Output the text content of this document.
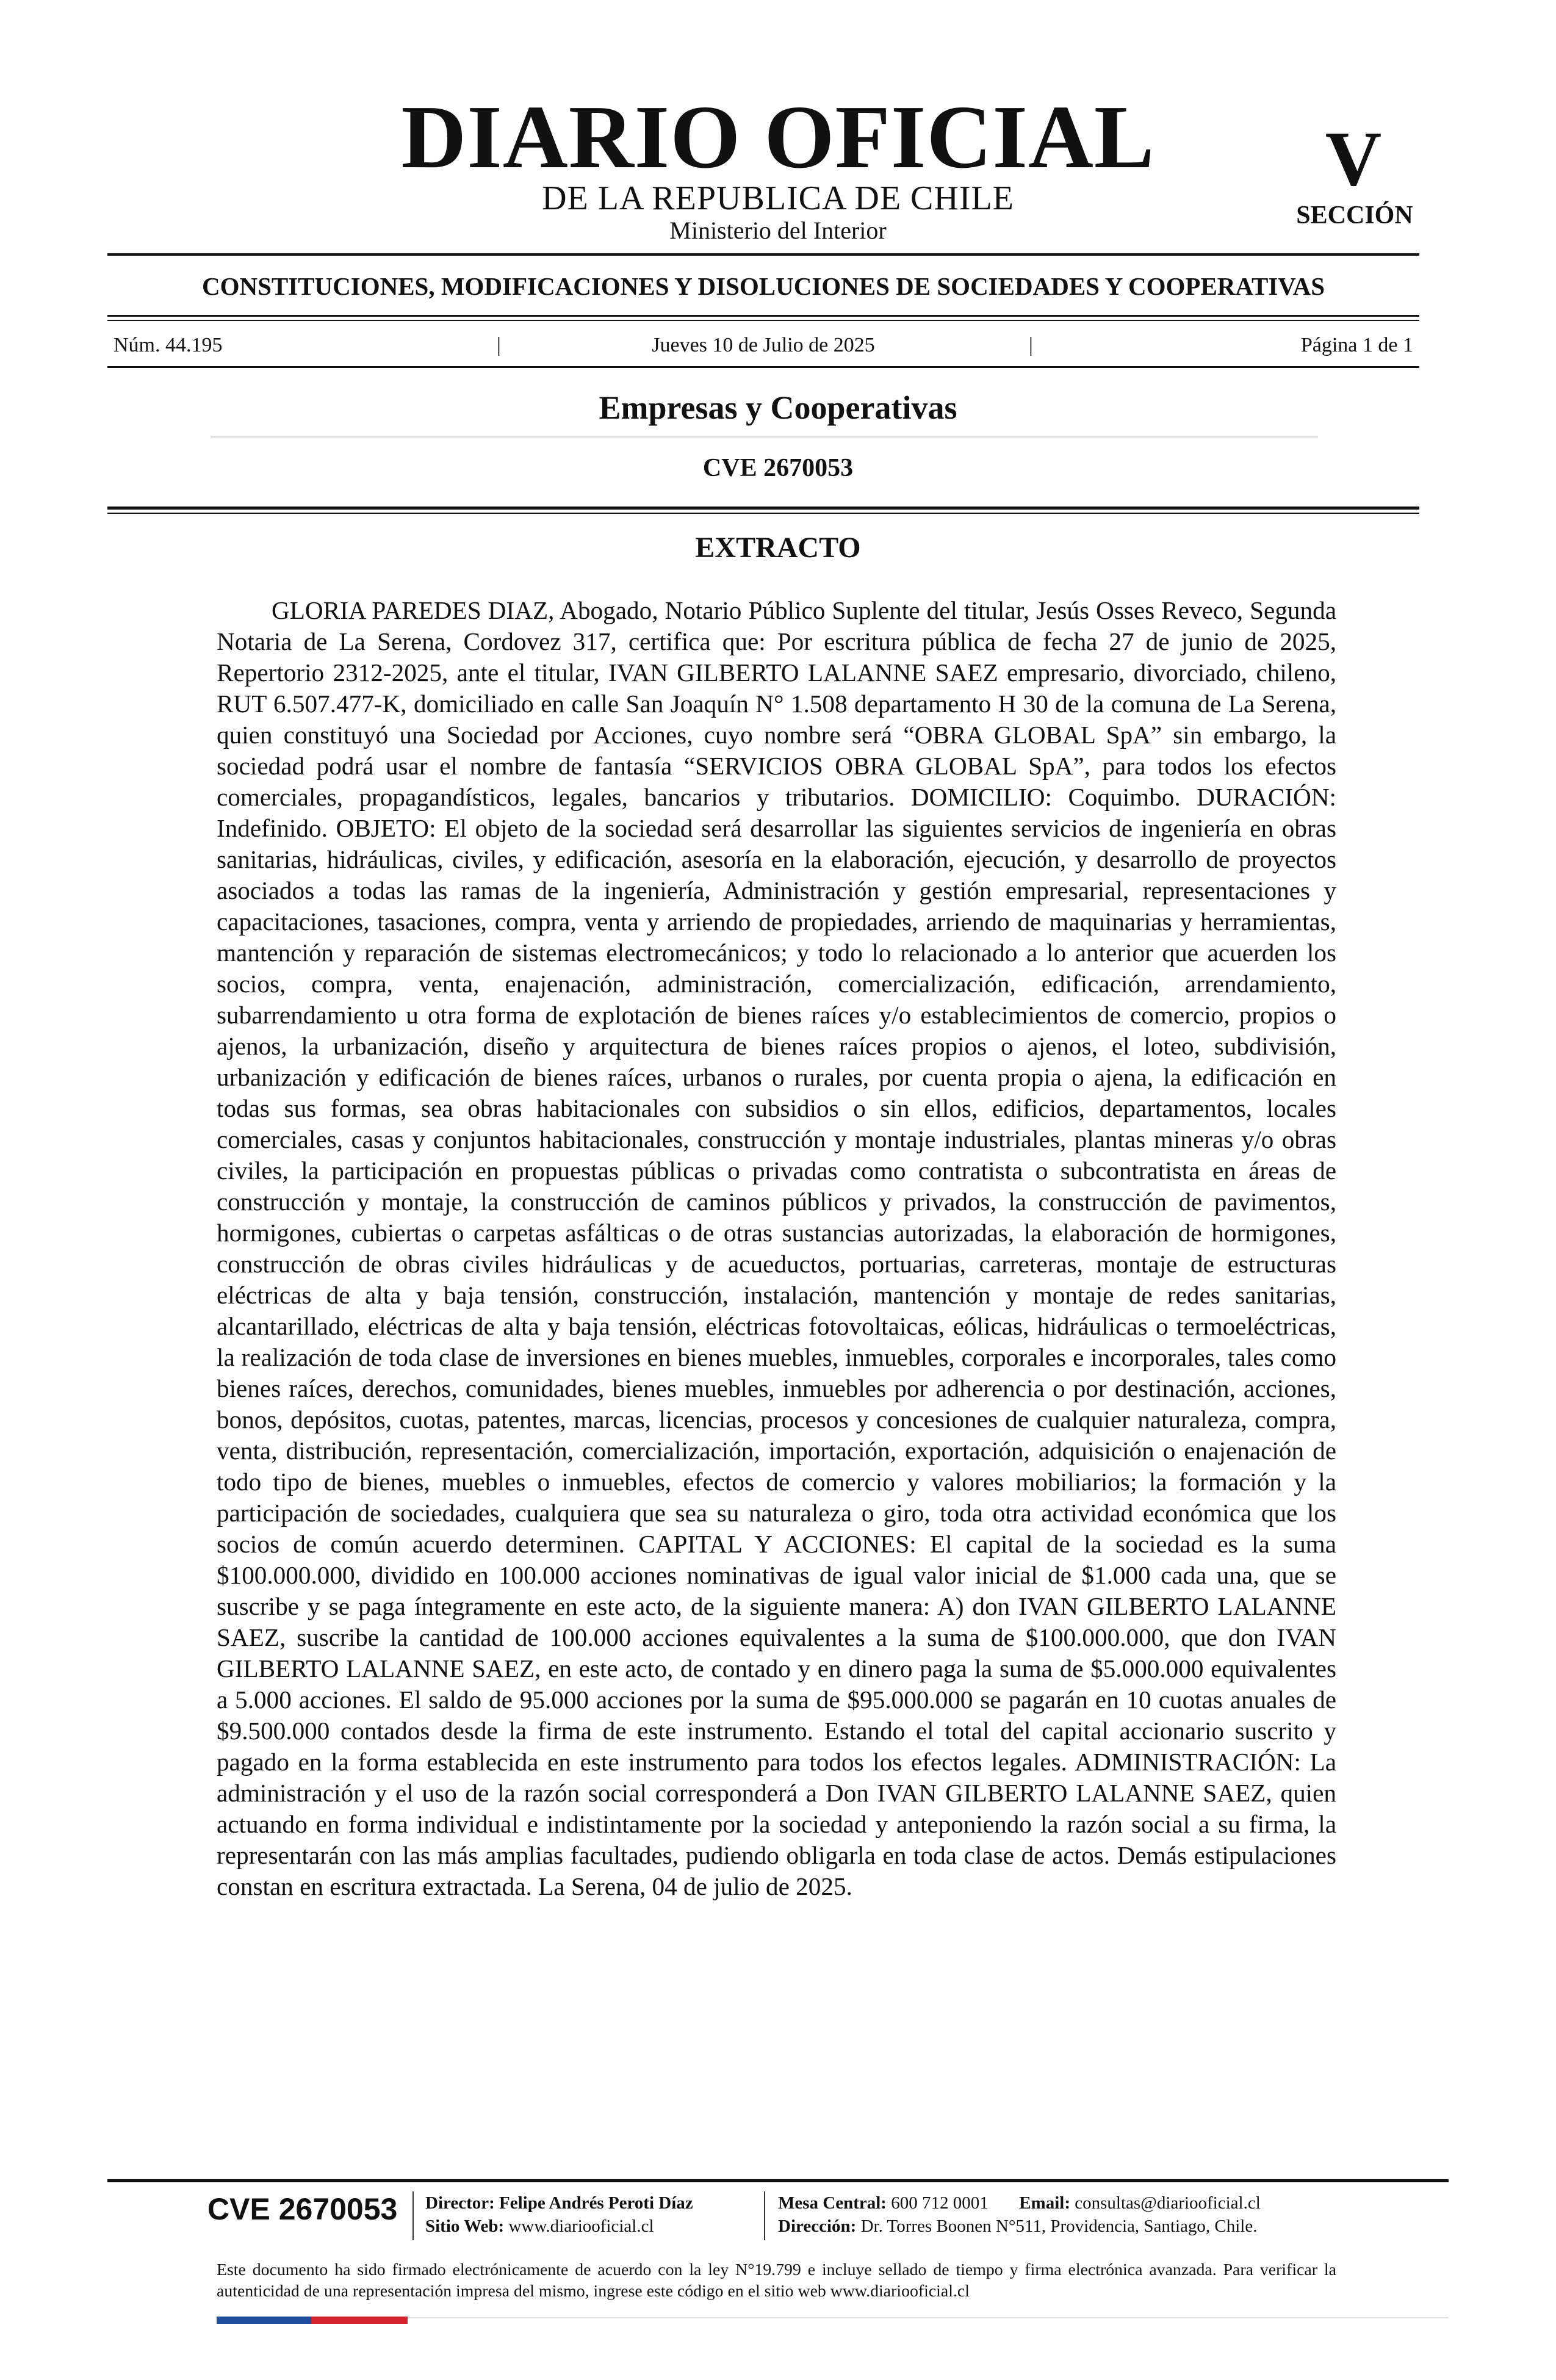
DIARIO OFICIAL
DE LA REPUBLICA DE CHILE
Ministerio del Interior
V
SECCIÓN
CONSTITUCIONES, MODIFICACIONES Y DISOLUCIONES DE SOCIEDADES Y COOPERATIVAS
Núm. 44.195	|	Jueves 10 de Julio de 2025	|	Página 1 de 1
Empresas y Cooperativas
CVE 2670053
EXTRACTO
GLORIA PAREDES DIAZ, Abogado, Notario Público Suplente del titular, Jesús Osses Reveco, Segunda Notaria de La Serena, Cordovez 317, certifica que: Por escritura pública de fecha 27 de junio de 2025, Repertorio 2312-2025, ante el titular, IVAN GILBERTO LALANNE SAEZ empresario, divorciado, chileno, RUT 6.507.477-K, domiciliado en calle San Joaquín N° 1.508 departamento H 30 de la comuna de La Serena, quien constituyó una Sociedad por Acciones, cuyo nombre será “OBRA GLOBAL SpA” sin embargo, la sociedad podrá usar el nombre de fantasía “SERVICIOS OBRA GLOBAL SpA”, para todos los efectos comerciales, propagandísticos, legales, bancarios y tributarios. DOMICILIO: Coquimbo. DURACIÓN: Indefinido. OBJETO: El objeto de la sociedad será desarrollar las siguientes servicios de ingeniería en obras sanitarias, hidráulicas, civiles, y edificación, asesoría en la elaboración, ejecución, y desarrollo de proyectos asociados a todas las ramas de la ingeniería, Administración y gestión empresarial, representaciones y capacitaciones, tasaciones, compra, venta y arriendo de propiedades, arriendo de maquinarias y herramientas, mantención y reparación de sistemas electromecánicos; y todo lo relacionado a lo anterior que acuerden los socios, compra, venta, enajenación, administración, comercialización, edificación, arrendamiento, subarrendamiento u otra forma de explotación de bienes raíces y/o establecimientos de comercio, propios o ajenos, la urbanización, diseño y arquitectura de bienes raíces propios o ajenos, el loteo, subdivisión, urbanización y edificación de bienes raíces, urbanos o rurales, por cuenta propia o ajena, la edificación en todas sus formas, sea obras habitacionales con subsidios o sin ellos, edificios, departamentos, locales comerciales, casas y conjuntos habitacionales, construcción y montaje industriales, plantas mineras y/o obras civiles, la participación en propuestas públicas o privadas como contratista o subcontratista en áreas de construcción y montaje, la construcción de caminos públicos y privados, la construcción de pavimentos, hormigones, cubiertas o carpetas asfálticas o de otras sustancias autorizadas, la elaboración de hormigones, construcción de obras civiles hidráulicas y de acueductos, portuarias, carreteras, montaje de estructuras eléctricas de alta y baja tensión, construcción, instalación, mantención y montaje de redes sanitarias, alcantarillado, eléctricas de alta y baja tensión, eléctricas fotovoltaicas, eólicas, hidráulicas o termoeléctricas, la realización de toda clase de inversiones en bienes muebles, inmuebles, corporales e incorporales, tales como bienes raíces, derechos, comunidades, bienes muebles, inmuebles por adherencia o por destinación, acciones, bonos, depósitos, cuotas, patentes, marcas, licencias, procesos y concesiones de cualquier naturaleza, compra, venta, distribución, representación, comercialización, importación, exportación, adquisición o enajenación de todo tipo de bienes, muebles o inmuebles, efectos de comercio y valores mobiliarios; la formación y la participación de sociedades, cualquiera que sea su naturaleza o giro, toda otra actividad económica que los socios de común acuerdo determinen. CAPITAL Y ACCIONES: El capital de la sociedad es la suma $100.000.000, dividido en 100.000 acciones nominativas de igual valor inicial de $1.000 cada una, que se suscribe y se paga íntegramente en este acto, de la siguiente manera: A) don IVAN GILBERTO LALANNE SAEZ, suscribe la cantidad de 100.000 acciones equivalentes a la suma de $100.000.000, que don IVAN GILBERTO LALANNE SAEZ, en este acto, de contado y en dinero paga la suma de $5.000.000 equivalentes a 5.000 acciones. El saldo de 95.000 acciones por la suma de $95.000.000 se pagarán en 10 cuotas anuales de $9.500.000 contados desde la firma de este instrumento. Estando el total del capital accionario suscrito y pagado en la forma establecida en este instrumento para todos los efectos legales. ADMINISTRACIÓN: La administración y el uso de la razón social corresponderá a Don IVAN GILBERTO LALANNE SAEZ, quien actuando en forma individual e indistintamente por la sociedad y anteponiendo la razón social a su firma, la representarán con las más amplias facultades, pudiendo obligarla en toda clase de actos. Demás estipulaciones constan en escritura extractada. La Serena, 04 de julio de 2025.
CVE 2670053 Director: Felipe Andrés Peroti Díaz
Sitio Web: www.diariooficial.cl
Mesa Central: 600 712 0001 Email: consultas@diariooficial.cl
Dirección: Dr. Torres Boonen N°511, Providencia, Santiago, Chile.
Este documento ha sido firmado electrónicamente de acuerdo con la ley N°19.799 e incluye sellado de tiempo y firma electrónica avanzada. Para verificar la autenticidad de una representación impresa del mismo, ingrese este código en el sitio web www.diariooficial.cl
